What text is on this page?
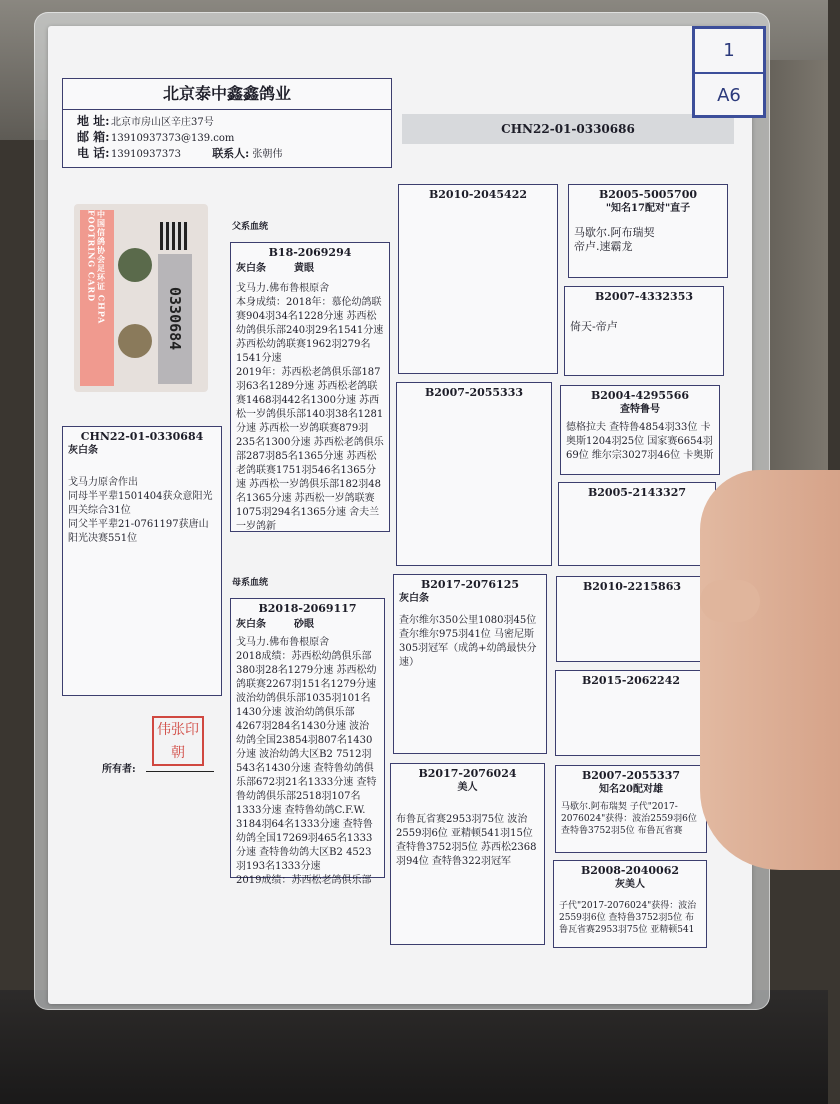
北京泰中鑫鑫鸽业
地 址:北京市房山区辛庄37号
邮 箱:13910937373@139.com
电 话:13910937373	联系人: 张朝伟
CHN22-01-0330686
1
A6
中国信鸽协会足环证 CHPA FOOTRING CARD
0330684
CHN22-01-0330684
灰白条
戈马力原舍作出
同母半平辈1501404获众意阳光四关综合31位
同父半平辈21-0761197获唐山阳光决赛551位
伟 张 印
朝
所有者:
父系血统
母系血统
B18-2069294
灰白条	黄眼
戈马力.佛布鲁根原舍
本身成绩：2018年：慕伦幼鸽联赛904羽34名1228分速 苏西松幼鸽俱乐部240羽29名1541分速 苏西松幼鸽联赛1962羽279名1541分速
2019年：苏西松老鸽俱乐部187羽63名1289分速 苏西松老鸽联赛1468羽442名1300分速 苏西松一岁鸽俱乐部140羽38名1281分速 苏西松一岁鸽联赛879羽235名1300分速 苏西松老鸽俱乐部287羽85名1365分速 苏西松老鸽联赛1751羽546名1365分速 苏西松一岁鸽俱乐部182羽48名1365分速 苏西松一岁鸽联赛1075羽294名1365分速 舍夫兰一岁鸽新
B2018-2069117
灰白条	砂眼
戈马力.佛布鲁根原舍
2018成绩：苏西松幼鸽俱乐部380羽28名1279分速 苏西松幼鸽联赛2267羽151名1279分速 波治幼鸽俱乐部1035羽101名1430分速 波治幼鸽俱乐部4267羽284名1430分速 波治幼鸽全国23854羽807名1430分速 波治幼鸽大区B2 7512羽543名1430分速 查特鲁幼鸽俱乐部672羽21名1333分速 查特鲁幼鸽俱乐部2518羽107名1333分速 查特鲁幼鸽C.F.W. 3184羽64名1333分速 查特鲁幼鸽全国17269羽465名1333分速 查特鲁幼鸽大区B2 4523羽193名1333分速
2019成绩：苏西松老鸽俱乐部
B2010-2045422
B2007-2055333
B2017-2076125
灰白条
查尔维尔350公里1080羽45位 查尔维尔975羽41位 马密尼斯305羽冠军（成鸽+幼鸽最快分速）
B2017-2076024
美人
布鲁瓦省赛2953羽75位 波治2559羽6位 亚精顿541羽15位 查特鲁3752羽5位 苏西松2368羽94位 查特鲁322羽冠军
B2005-5005700
"知名17配对"直子
马歇尔.阿布瑞契
帝卢.速霸龙
B2007-4332353
倚天-帝卢
B2004-4295566
查特鲁号
德格拉夫 查特鲁4854羽33位 卡奥斯1204羽25位 国家赛6654羽69位 维尔宗3027羽46位 卡奥斯
B2005-2143327
B2010-2215863
B2015-2062242
B2007-2055337
知名20配对雄
马歇尔.阿布瑞契 子代"2017-2076024"获得：波治2559羽6位 查特鲁3752羽5位 布鲁瓦省赛
B2008-2040062
灰美人
子代"2017-2076024"获得：波治2559羽6位 查特鲁3752羽5位 布鲁瓦省赛2953羽75位 亚精顿541
